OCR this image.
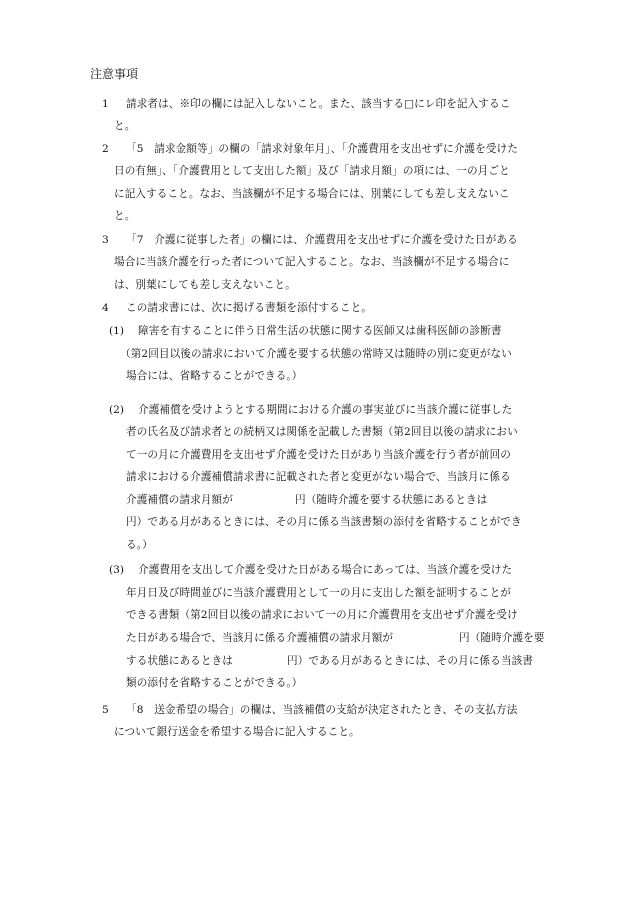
注意事項
1 請求者は、※印の欄には記入しないこと。また、該当する□にレ印を記入するこ
と。
2 「5　請求金額等」の欄の「請求対象年月」、「介護費用を支出せずに介護を受けた
日の有無」、「介護費用として支出した額」及び「請求月額」の項には、一の月ごと
に記入すること。なお、当該欄が不足する場合には、別葉にしても差し支えないこ
と。
3 「7　介護に従事した者」の欄には、介護費用を支出せずに介護を受けた日がある
場合に当該介護を行った者について記入すること。なお、当該欄が不足する場合に
は、別葉にしても差し支えないこと。
4 この請求書には、次に掲げる書類を添付すること。
(1) 障害を有することに伴う日常生活の状態に関する医師又は歯科医師の診断書
（第2回目以後の請求において介護を要する状態の常時又は随時の別に変更がない
場合には、省略することができる。）
(2) 介護補償を受けようとする期間における介護の事実並びに当該介護に従事した
者の氏名及び請求者との続柄又は関係を記載した書類（第2回目以後の請求におい
て一の月に介護費用を支出せず介護を受けた日があり当該介護を行う者が前回の
請求における介護補償請求書に記載された者と変更がない場合で、当該月に係る
介護補償の請求月額が	円（随時介護を要する状態にあるときは
円）である月があるときには、その月に係る当該書類の添付を省略することができ
る。）
(3) 介護費用を支出して介護を受けた日がある場合にあっては、当該介護を受けた
年月日及び時間並びに当該介護費用として一の月に支出した額を証明することが
できる書類（第2回目以後の請求において一の月に介護費用を支出せず介護を受け
た日がある場合で、当該月に係る介護補償の請求月額が	円（随時介護を要
する状態にあるときは	円）である月があるときには、その月に係る当該書
類の添付を省略することができる。）
5 「8　送金希望の場合」の欄は、当該補償の支給が決定されたとき、その支払方法
について銀行送金を希望する場合に記入すること。
